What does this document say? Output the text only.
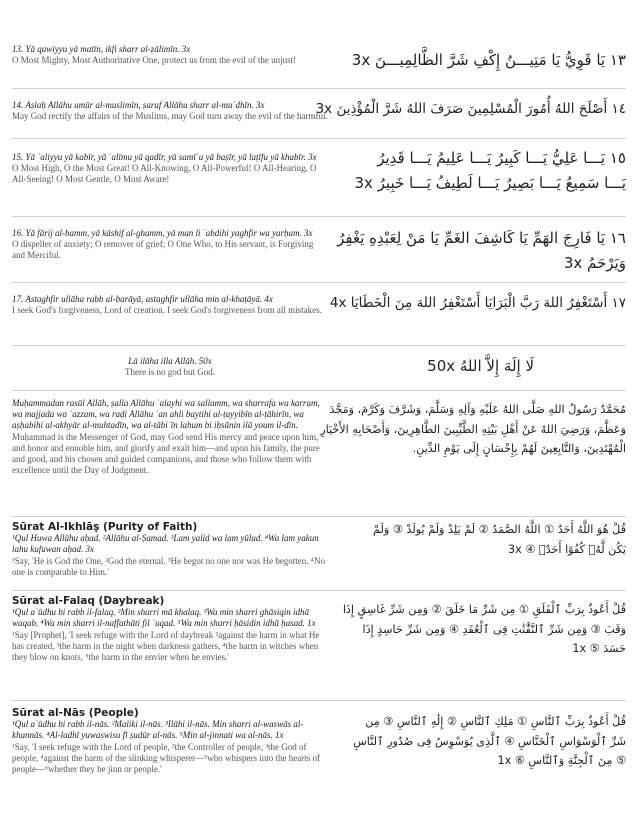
13. Yā qawiyyu yā matīn, ikfi sharr al-ẓālimīn. 3x

O Most Mighty, Most Authoritative One, protect us from the evil of the unjust!	١٣ يَا قَوِيُّ يَا مَتِيـــنُ إِكْفِ شَرَّ الظَّالِمِيـــنَ 3x

14. Aṣlaḥ Allāhu umūr al-muslimīn, ṣaraf Allāhu sharr al-muʾdhīn. 3x

May God rectify the affairs of the Muslims, may God turn away the evil of the harmful.

١٤ أَصْلَحَ اللهُ أُمُورَ الْمُسْلِمِينَ صَرَفَ اللهُ شَرَّ الْمُؤْذِينَ 3x

15. Yā ʿaliyyu yā kabīr, yā ʿalīmu yā qadīr, yā samīʿu yā baṣīr, yā laṭīfu yā khabīr. 3x

O Most High, O the Most Great! O All-Knowing, O All-Powerful! O All-Hearing, O All-Seeing! O Most Gentle, O Most Aware!

١٥ يَـــا عَلِيُّ يَـــا كَبِيرُ يَـــا عَلِيمُ يَـــا قَدِيرُ
يَـــا سَمِيعُ يَـــا بَصِيرُ يَـــا لَطِيفُ يَـــا خَبِيرُ 3x

16. Yā fārij al-hamm, yā kāshif al-ghamm, yā man li ʿabdihi yaghfir wa yarḥam. 3x

O dispeller of anxiety; O remover of grief; O One Who, to His servant, is Forgiving and Merciful.

١٦ يَا فَارِجَ الهَمِّ يَا كَاشِفَ الغَمِّ يَا مَنْ لِعَبْدِهِ يَغْفِرُ
وَيَرْحَمُ 3x

17. Astaghfir ullāha rabb al-barāyā, astaghfir ullāha min al-khaṭāyā. 4x

I seek God's forgiveness, Lord of creation. I seek God's forgiveness from all mistakes. ١٧ أَسْتَغْفِرُ اللهَ رَبَّ الْبَرَايَا أَسْتَغْفِرُ اللهَ مِنَ الْخَطَايَا 4x

Lā ilāha illa Allāh. 50x

There is no god but God.	لَا إِلَهَ إِلاَّ اللهُ 50x

Muḥammadun rasūl Allāh, ṣalla Allāhu ʿalayhi wa sallamm, wa sharrafa wa karram, wa majjada wa ʿazzam, wa raḍi Allāhu ʿan ahli baytihi al-ṭayyibīn al-ṭāhirīn, wa aṣḥabihi al-akhyār al-muhtadīn, wa al-tābiʿīn lahum bi iḥsānin ilā youm il-dīn.

Muḥammad is the Messenger of God, may God send His mercy and peace upon him, and honor and ennoble him, and glorify and exalt him—and upon his family, the pure and good, and his chosen and guided companions, and those who follow them with excellence until the Day of Judgment.

مُحَمَّدٌ رَسُولُ اللهِ صَلَّى اللهُ عَلَيْهِ وَآلِهِ وَسَلَّمَ، وَشَرَّفَ وَكَرَّمَ، وَمَجَّدَ
وَعَظَّمَ، وَرَضِيَ اللهُ عَنْ أَهْلِ بَيْتِهِ الطَّيِّبِينَ الطَّاهِرِينَ، وَأَصْحَابِهِ الأَخْيَارِ
الْمُهْتَدِينَ، وَالتَّابِعِينَ لَهُمْ بِإِحْسَانٍ إِلَى يَوْمِ الدِّينِ.

Sūrat Al-Ikhlāṣ (Purity of Faith)

¹Qul Huwa Allāhu aḥad. ²Allāhu al-Ṣamad. ³Lam yalid wa lam yūlad. ⁴Wa lam yakun lahu kufuwan aḥad. 3x

¹Say, 'He is God the One, ²God the eternal. ³He begot no one nor was He begotten. ⁴No one is comparable to Him.'

قُلْ هُوَ اللَّهُ أَحَدٌ ① اللَّهُ الصَّمَدُ ② لَمْ يَلِدْ وَلَمْ يُولَدْ ③ وَلَمْ
يَكُن لَّهُۥ كُفُوًا أَحَدٌۢ ④ 3x

Sūrat al-Falaq (Daybreak)

¹Qul aʿūdhu bi rabb il-falaq. ²Min sharri mā khalaq. ³Wa min sharri ghāsiqin idhā waqab. ⁴Wa min sharri il-naffathāti fil ʿuqad. ⁵Wa min sharri ḥāsidin idhā ḥasad. 1x

¹Say [Prophet], 'I seek refuge with the Lord of daybreak ²against the harm in what He has created, ³the harm in the night when darkness gathers, ⁴the harm in witches when they blow on knots, ⁵the harm in the envier when he envies.'

قُلْ أَعُوذُ بِرَبِّ ٱلْفَلَقِ ① مِن شَرِّ مَا خَلَقَ ② وَمِن شَرِّ غَاسِقٍ إِذَا
وَقَبَ ③ وَمِن شَرِّ ٱلنَّفَّٰثَٰتِ فِى ٱلْعُقَدِ ④ وَمِن شَرِّ حَاسِدٍ إِذَا
حَسَدَ ⑤ 1x

Sūrat al-Nās (People)

¹Qul aʿūdhu bi rabb il-nās. ²Maliki il-nās. ³Ilāhi il-nās. Min sharri al-waswās al-khannās. ⁴Al-ladhī yuwaswisu fī ṣudūr al-nās. ⁵Min al-jinnati wa al-nās. 1x

¹Say, 'I seek refuge with the Lord of people, ²the Controller of people, ³the God of people, ⁴against the harm of the slinking whisperer—⁵who whispers into the hearts of people—⁶whether they be jinn or people.'

قُلْ أَعُوذُ بِرَبِّ ٱلنَّاسِ ① مَلِكِ ٱلنَّاسِ ② إِلَٰهِ ٱلنَّاسِ ③ مِن
شَرِّ ٱلْوَسْوَاسِ ٱلْخَنَّاسِ ④ ٱلَّذِى يُوَسْوِسُ فِى صُدُورِ ٱلنَّاسِ
⑤ مِنَ ٱلْجِنَّةِ وَٱلنَّاسِ ⑥ 1x
